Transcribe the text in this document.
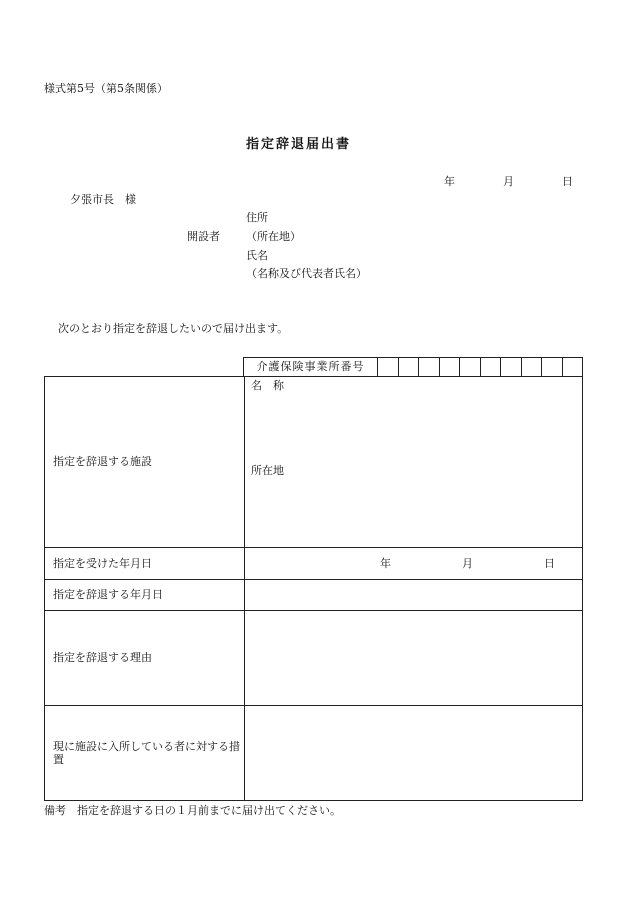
様式第5号（第5条関係）
指定辞退届出書
年	月	日
夕張市長　様
住所
開設者 （所在地）
氏名
（名称及び代表者氏名）
次のとおり指定を辞退したいので届け出ます。
介護保険事業所番号										
指定を辞退する施設	名　称
所在地

指定を受けた年月日	年 月 日

指定を辞退する年月日	
指定を辞退する理由	
現に施設に入所している者に対する措置	
備考　指定を辞退する日の１月前までに届け出てください。
